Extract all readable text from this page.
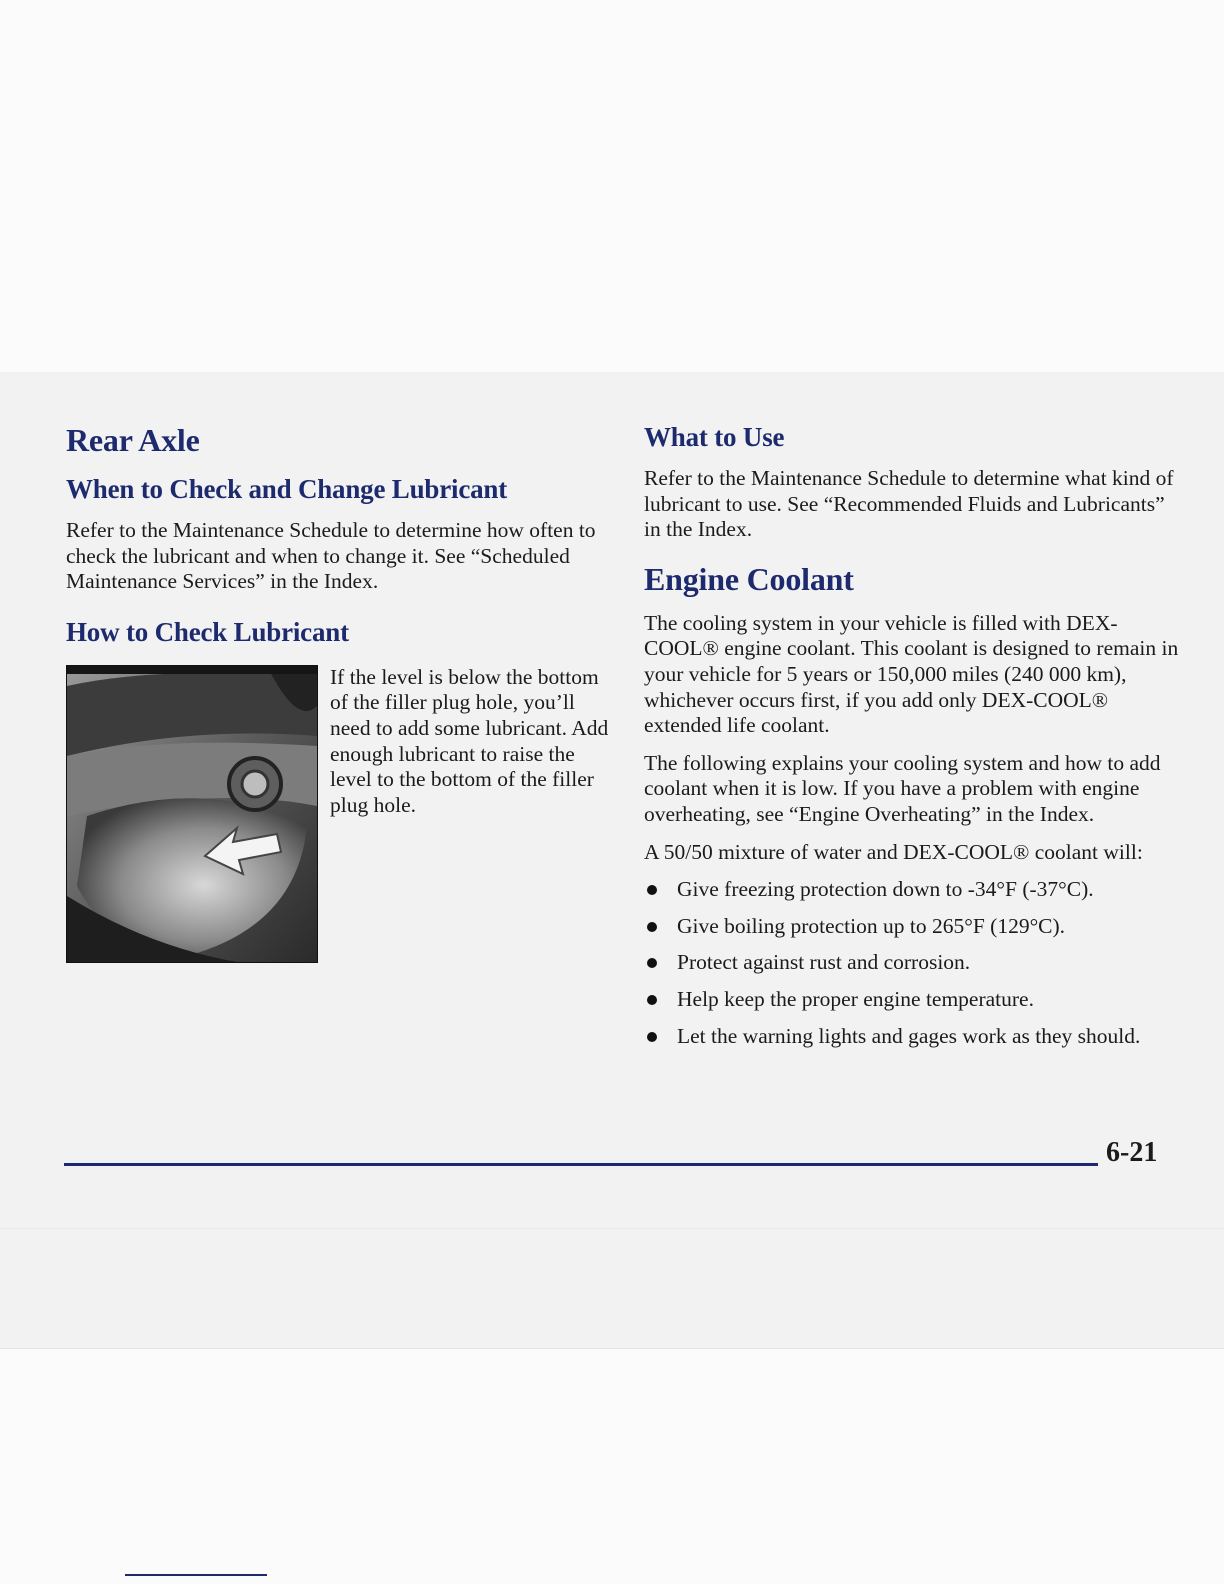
Rear Axle
When to Check and Change Lubricant

Refer to the Maintenance Schedule to determine how often to check the lubricant and when to change it. See “Scheduled Maintenance Services” in the Index.

How to Check Lubricant

If the level is below the bottom of the filler plug hole, you’ll need to add some lubricant. Add enough lubricant to raise the level to the bottom of the filler plug hole.

What to Use

Refer to the Maintenance Schedule to determine what kind of lubricant to use. See “Recommended Fluids and Lubricants” in the Index.

Engine Coolant

The cooling system in your vehicle is filled with DEX-COOL® engine coolant. This coolant is designed to remain in your vehicle for 5 years or 150,000 miles (240 000 km), whichever occurs first, if you add only DEX-COOL® extended life coolant.

The following explains your cooling system and how to add coolant when it is low. If you have a problem with engine overheating, see “Engine Overheating” in the Index.

A 50/50 mixture of water and DEX-COOL® coolant will:

Give freezing protection down to -34°F (-37°C).
Give boiling protection up to 265°F (129°C).
Protect against rust and corrosion.
Help keep the proper engine temperature.
Let the warning lights and gages work as they should.
6-21
